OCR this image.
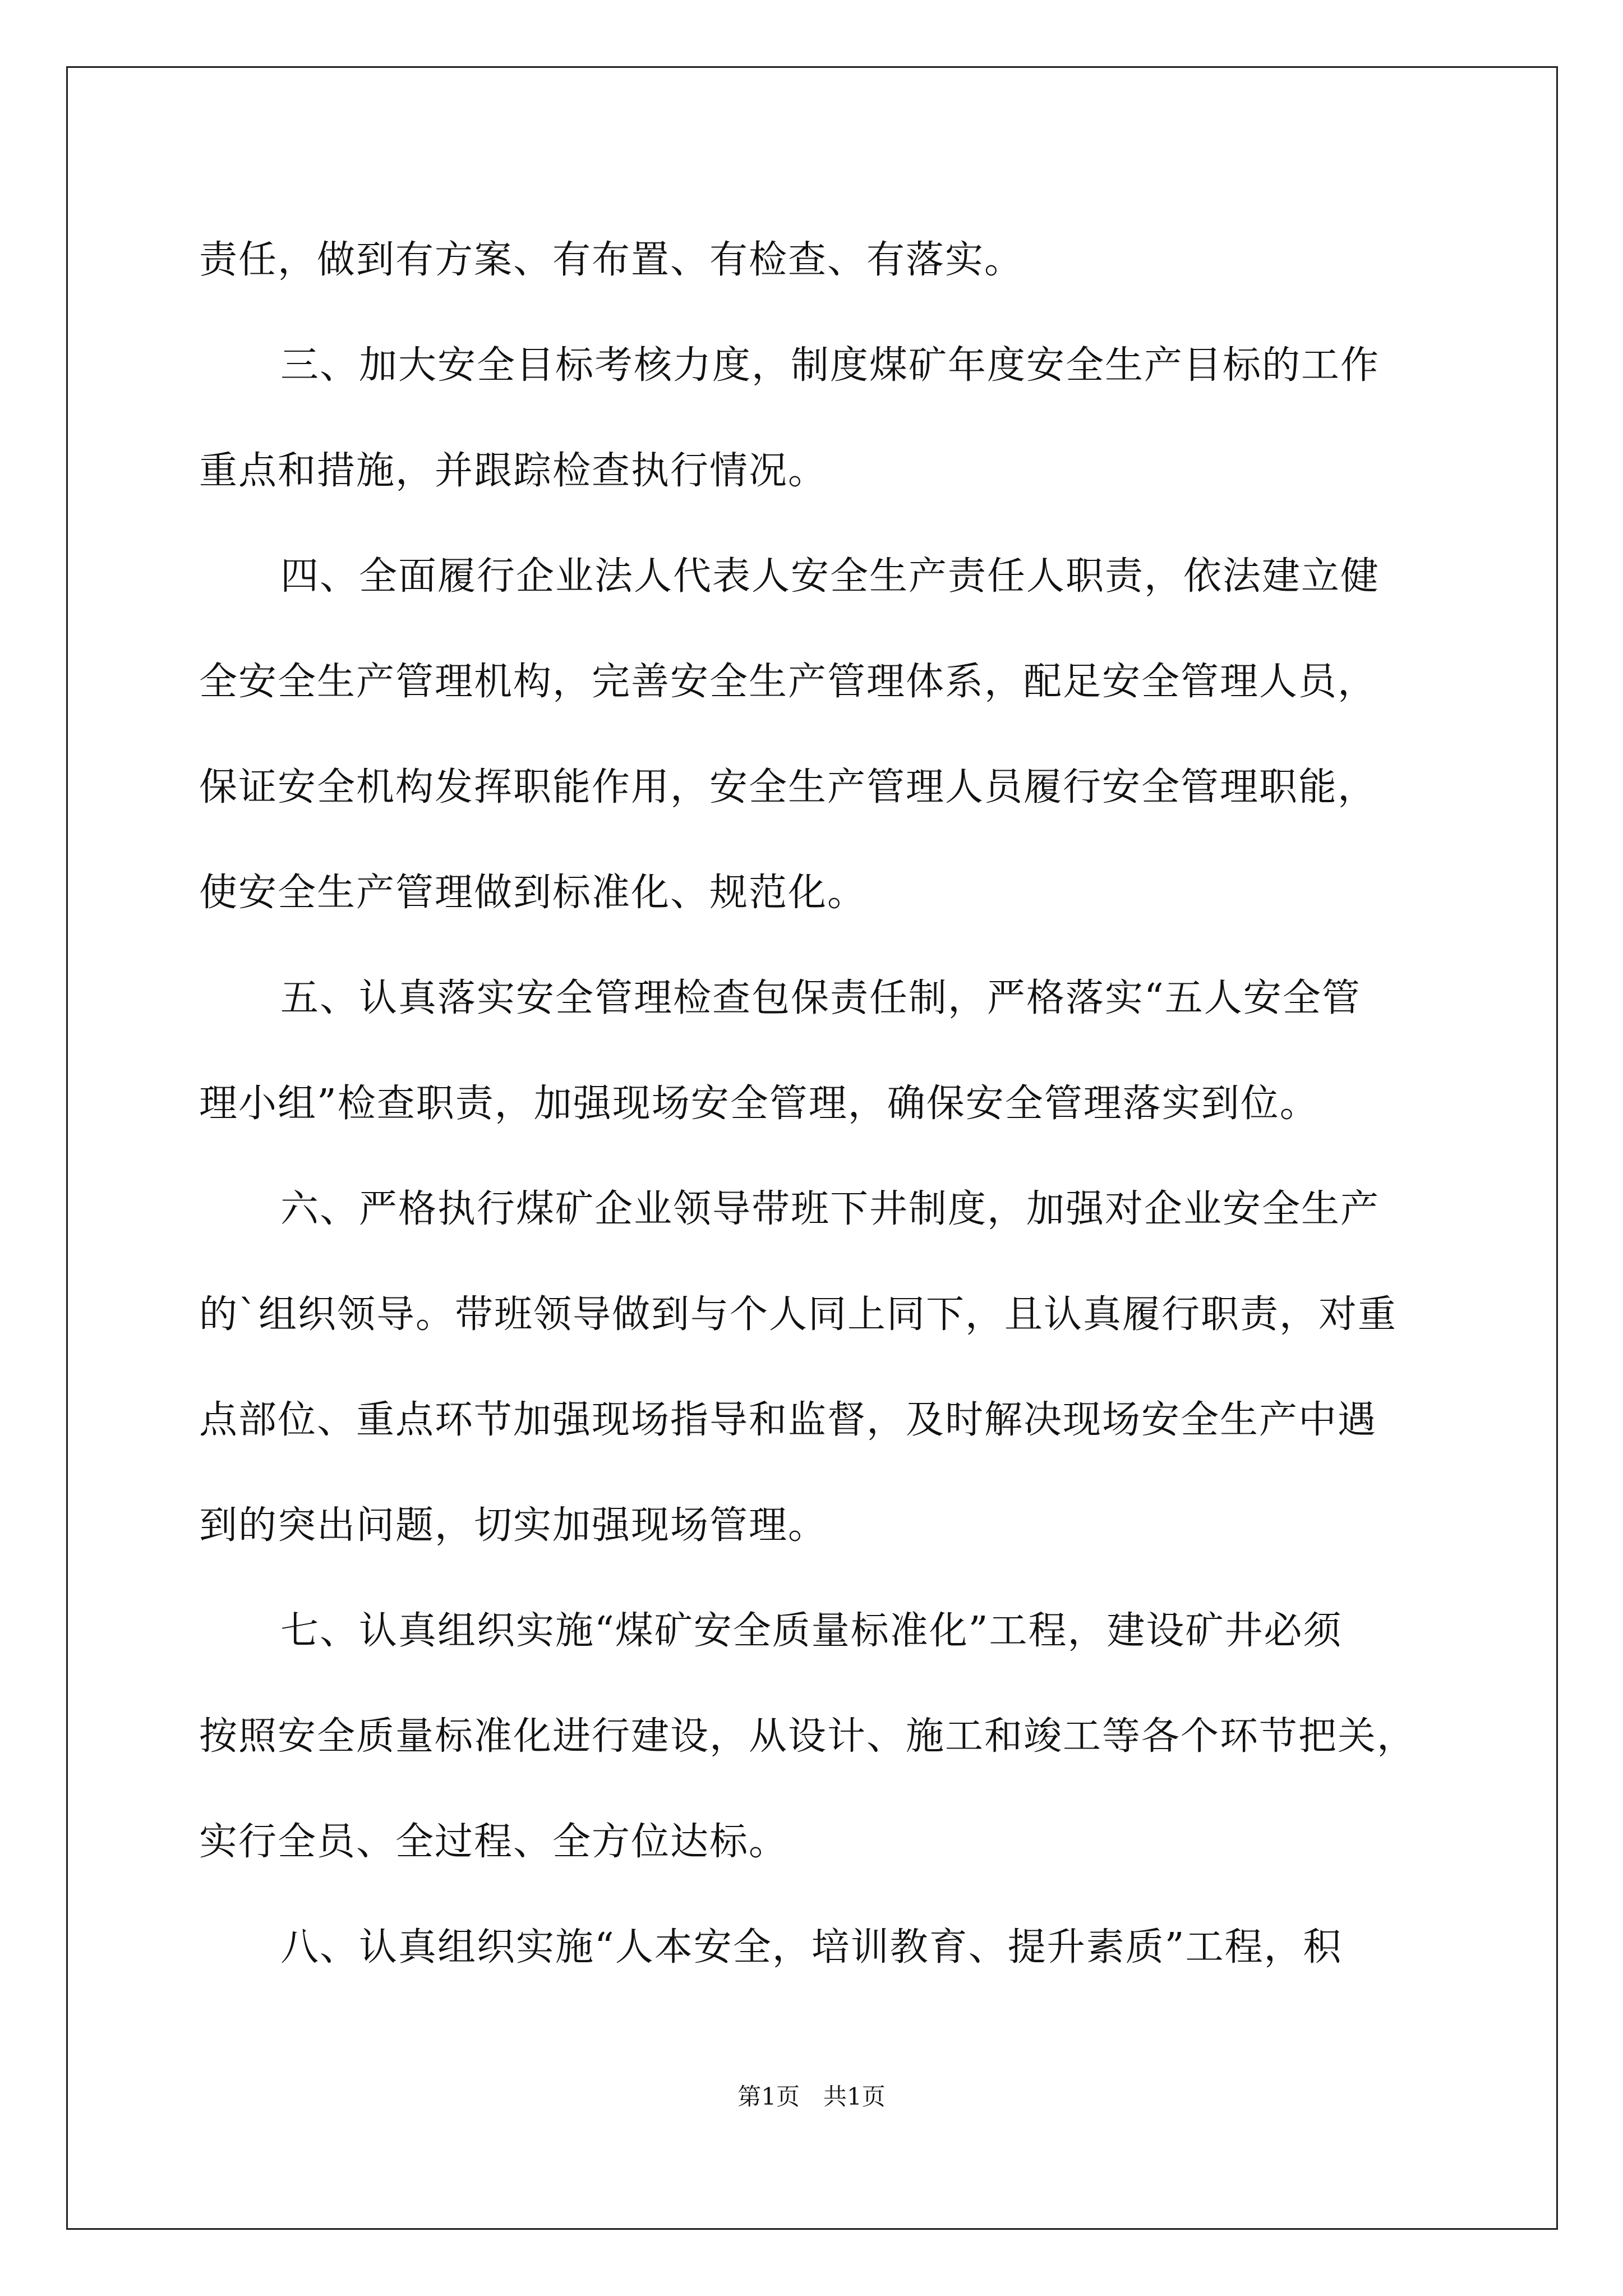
责任，做到有方案、有布置、有检查、有落实。
三、加大安全目标考核力度，制度煤矿年度安全生产目标的工作
重点和措施，并跟踪检查执行情况。
四、全面履行企业法人代表人安全生产责任人职责，依法建立健
全安全生产管理机构，完善安全生产管理体系，配足安全管理人员，
保证安全机构发挥职能作用，安全生产管理人员履行安全管理职能，
使安全生产管理做到标准化、规范化。
五、认真落实安全管理检查包保责任制，严格落实“五人安全管
理小组”检查职责，加强现场安全管理，确保安全管理落实到位。
六、严格执行煤矿企业领导带班下井制度，加强对企业安全生产
的`组织领导。带班领导做到与个人同上同下，且认真履行职责，对重
点部位、重点环节加强现场指导和监督，及时解决现场安全生产中遇
到的突出问题，切实加强现场管理。
七、认真组织实施“煤矿安全质量标准化”工程，建设矿井必须
按照安全质量标准化进行建设，从设计、施工和竣工等各个环节把关，
实行全员、全过程、全方位达标。
八、认真组织实施“人本安全，培训教育、提升素质”工程，积
第1页　共1页
